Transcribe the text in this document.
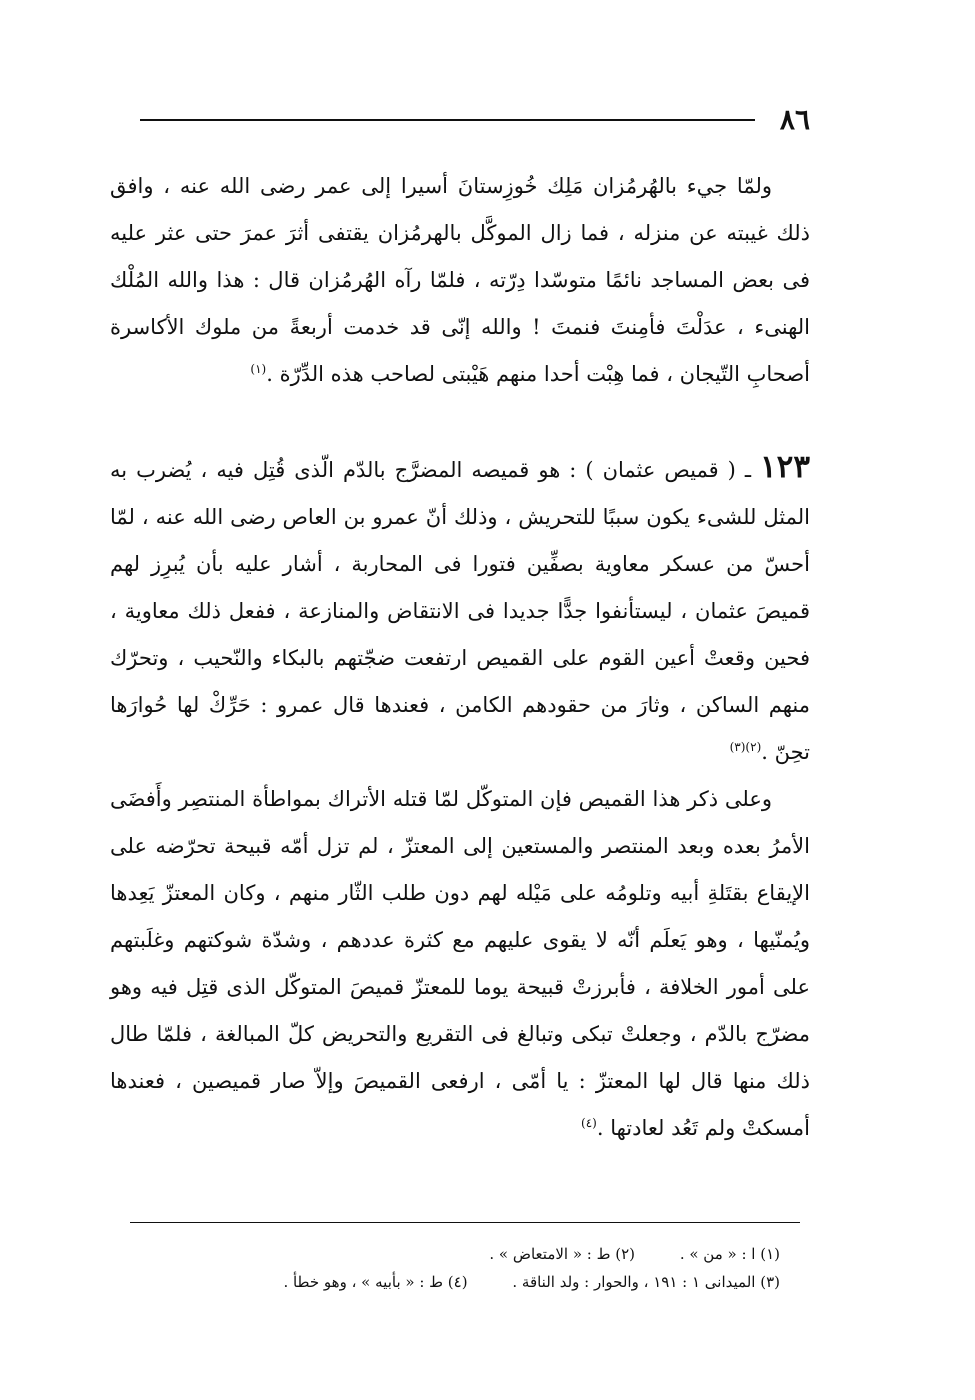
٨٦

ولمّا جيء بالهُرمُزان مَلِك خُوزِستانَ أسيرا إلى عمر رضى الله عنه ، وافق ذلك غيبته عن منزله ، فما زال الموكَّل بالهرمُزان يقتفى أثرَ عمرَ حتى عثر عليه فى بعض المساجد نائمًا متوسّدا دِرّته ، فلمّا رآه الهُرمُزان قال : هذا والله المُلْك الهنىء ، عدَلْتَ فأمِنتَ فنمتَ ! والله إنّى قد خدمت أربعةً من ملوك الأكاسرة أصحابِ التّيجان ، فما هِبْت أحدا منهم هَيْبتى لصاحب هذه الدِّرّة .$^{(١)}$

١٢٣ ـ ( قميص عثمان ) : هو قميصه المضرَّج بالدّم الّذى قُتِل فيه ، يُضرب به المثل للشىء يكون سببًا للتحريش ، وذلك أنّ عمرو بن العاص رضى الله عنه ، لمّا أحسّ من عسكر معاوية بصفِّين فتورا فى المحاربة ، أشار عليه بأن يُبرِز لهم قميصَ عثمان ، ليستأنفوا جدًّا جديدا فى الانتقاض والمنازعة ، ففعل ذلك معاوية ، فحين وقعتْ أعين القوم على القميص ارتفعت ضجّتهم بالبكاء والنّحيب ، وتحرّك منهم الساكن ، وثارَ من حقودهم الكامن ، فعندها قال عمرو : حَرِّكْ لها حُوارَها تحِنّ .$^{(٢)(٣)}$

وعلى ذكر هذا القميص فإن المتوكّل لمّا قتله الأتراك بمواطأة المنتصِر وأَفضَى الأمرُ بعده وبعد المنتصر والمستعين إلى المعتزّ ، لم تزل أمّه قبيحة تحرّضه على الإيقاع بقتَلةِ أبيه وتلومُه على مَيْله لهم دون طلب الثّار منهم ، وكان المعتزّ يَعِدها ويُمنّيها ، وهو يَعلَم أنّه لا يقوى عليهم مع كثرة عددهم ، وشدّة شوكتهم وغلَبتهم على أمور الخلافة ، فأبرزتْ قبيحة يوما للمعتزّ قميصَ المتوكّل الذى قتِل فيه وهو مضرّج بالدّم ، وجعلتْ تبكى وتبالغ فى التقريع والتحريض كلّ المبالغة ، فلمّا طال ذلك منها قال لها المعتزّ : يا أمّى ، ارفعى القميصَ وإلاّ صار قميصين ، فعندها أمسكتْ ولم تَعُد لعادتها .$^{(٤)}$

(١) ا : « من » . (٢) ط : « الامتعاض » .
(٣) الميدانى ١ : ١٩١ ، والحوار : ولد الناقة . (٤) ط : « بأبيه » ، وهو خطأ .
